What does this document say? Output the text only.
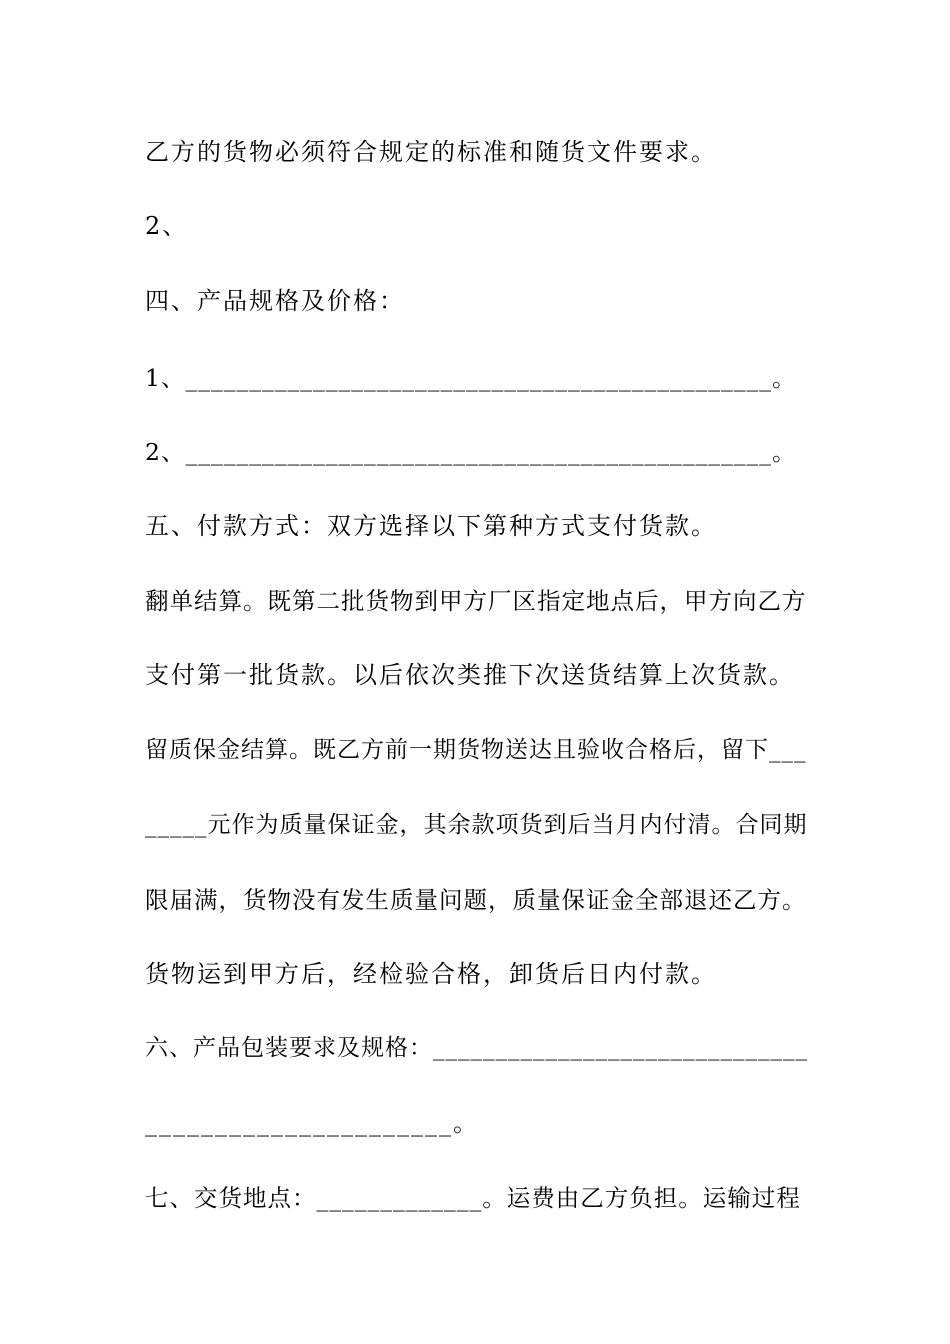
乙方的货物必须符合规定的标准和随货文件要求。
2、
四、产品规格及价格：
1、______________________________________________。
2、______________________________________________。
五、付款方式：双方选择以下第种方式支付货款。
翻单结算。既第二批货物到甲方厂区指定地点后，甲方向乙方
支付第一批货款。以后依次类推下次送货结算上次货款。
留质保金结算。既乙方前一期货物送达且验收合格后，留下___
_____元作为质量保证金，其余款项货到后当月内付清。合同期
限届满，货物没有发生质量问题，质量保证金全部退还乙方。
货物运到甲方后，经检验合格，卸货后日内付款。
六、产品包装要求及规格：______________________________
______________________。
七、交货地点：_____________。运费由乙方负担。运输过程
